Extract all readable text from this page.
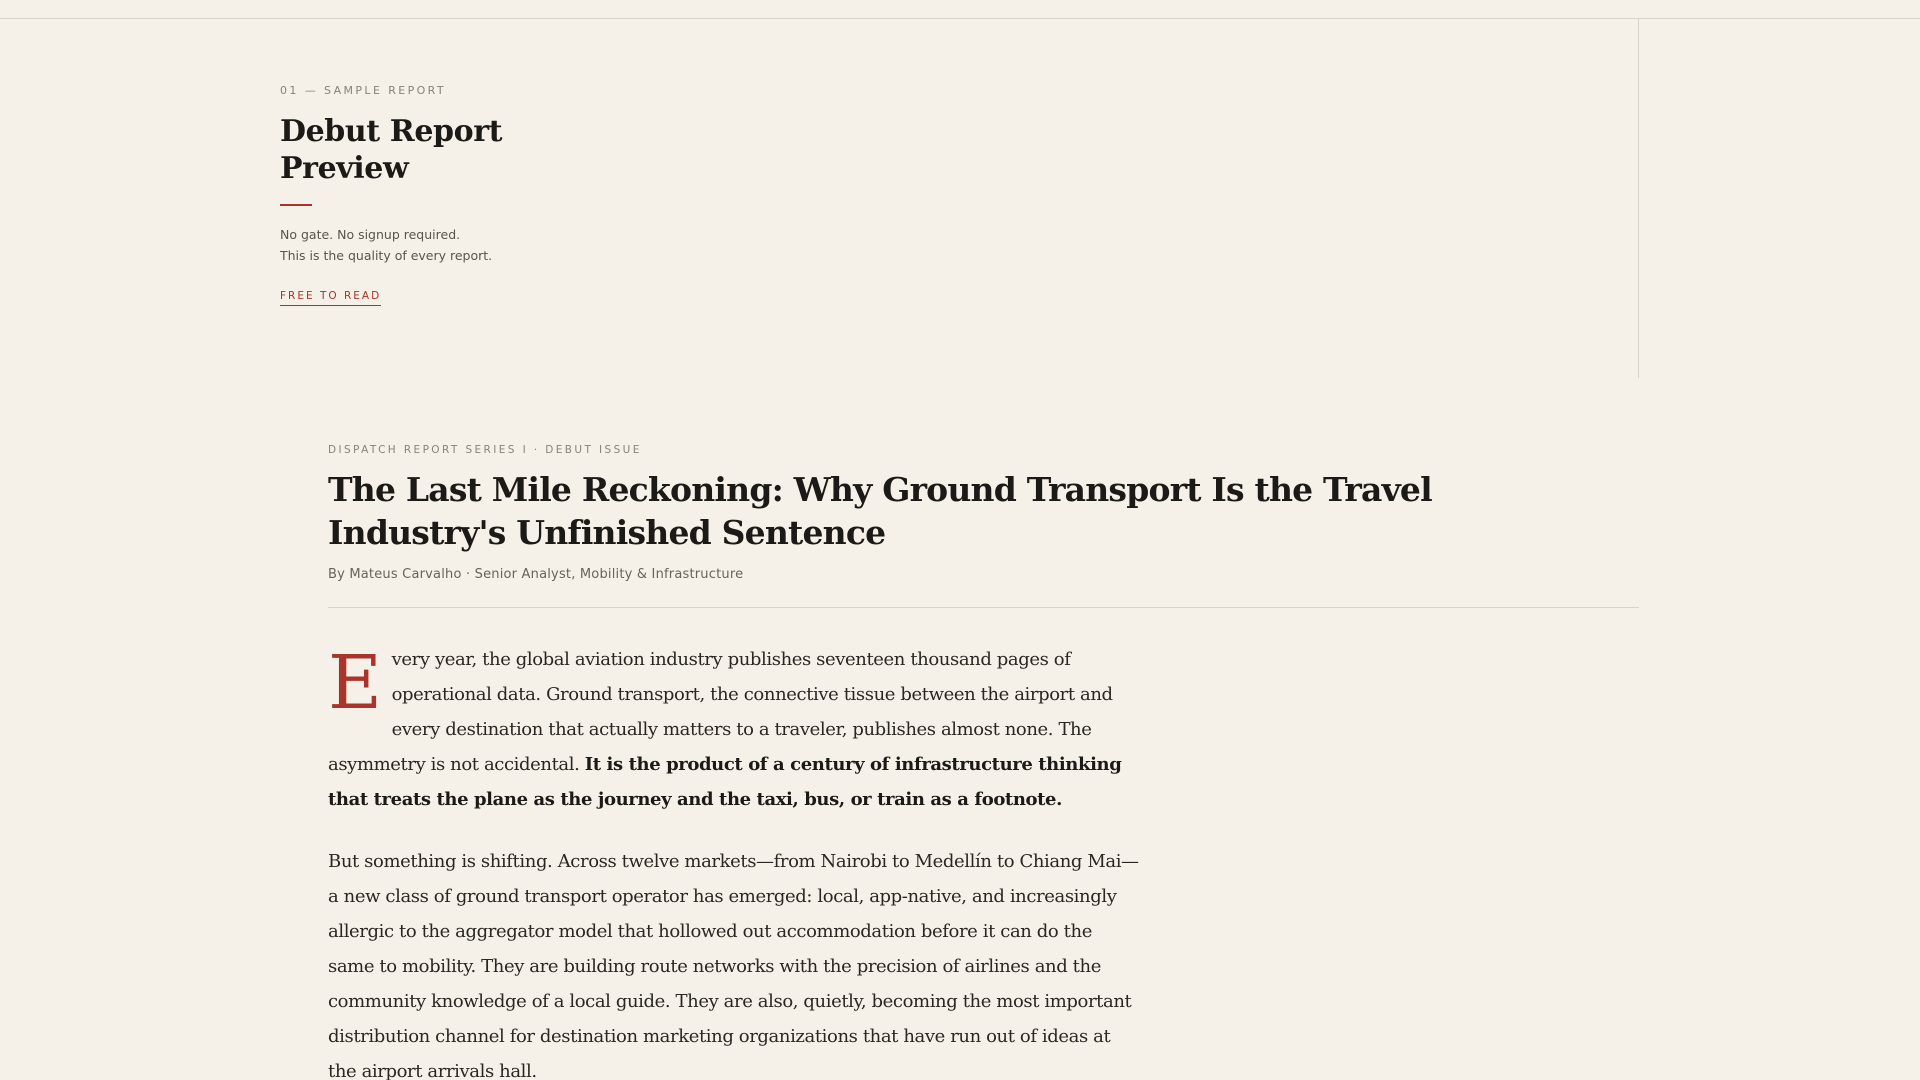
01 — SAMPLE REPORT

Debut Report
Preview
No gate. No signup required.
This is the quality of every report.
FREE TO READ

DISPATCH REPORT SERIES I · DEBUT ISSUE

The Last Mile Reckoning: Why Ground Transport Is the Travel Industry's Unfinished Sentence
By Mateus Carvalho · Senior Analyst, Mobility & Infrastructure

Every year, the global aviation industry publishes seventeen thousand pages of operational data. Ground transport, the connective tissue between the airport and every destination that actually matters to a traveler, publishes almost none. The asymmetry is not accidental. It is the product of a century of infrastructure thinking that treats the plane as the journey and the taxi, bus, or train as a footnote.

But something is shifting. Across twelve markets—from Nairobi to Medellín to Chiang Mai—a new class of ground transport operator has emerged: local, app-native, and increasingly allergic to the aggregator model that hollowed out accommodation before it can do the same to mobility. They are building route networks with the precision of airlines and the community knowledge of a local guide. They are also, quietly, becoming the most important distribution channel for destination marketing organizations that have run out of ideas at the airport arrivals hall.
